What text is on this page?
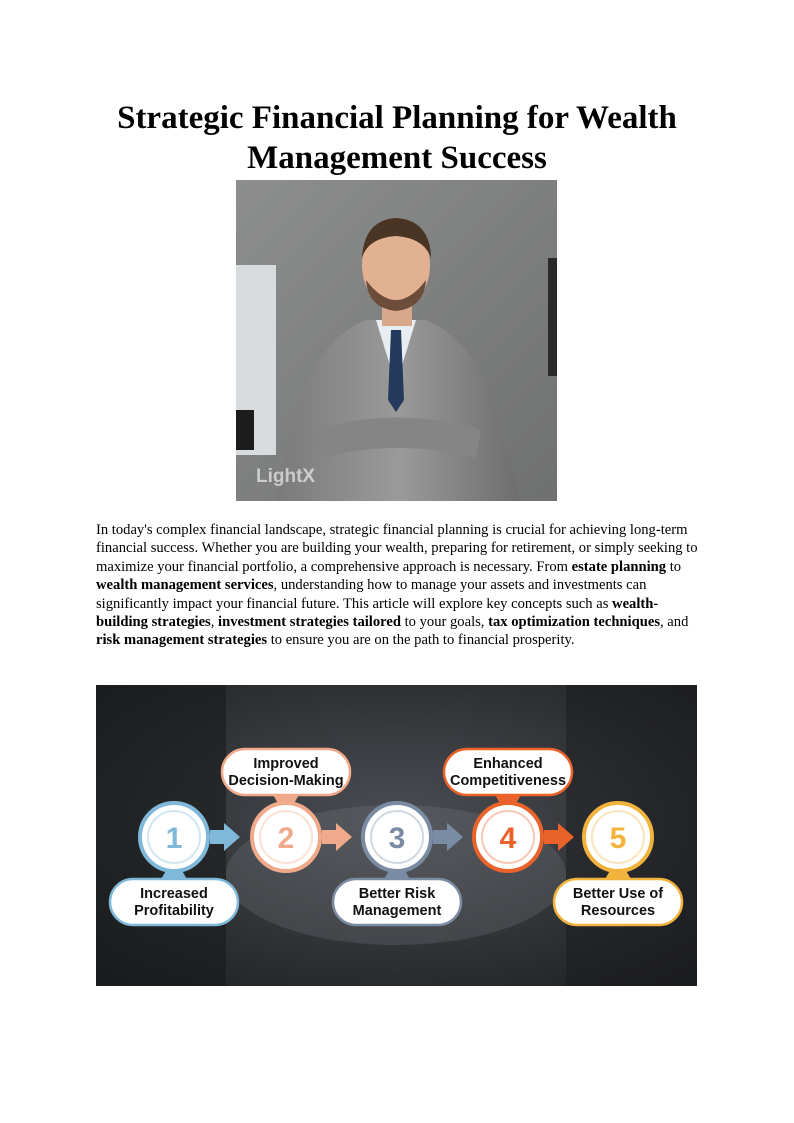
Strategic Financial Planning for Wealth
Management Success
LightX

In today's complex financial landscape, strategic financial planning is crucial for achieving long-term financial success. Whether you are building your wealth, preparing for retirement, or simply seeking to maximize your financial portfolio, a comprehensive approach is necessary. From estate planning to wealth management services, understanding how to manage your assets and investments can significantly impact your financial future. This article will explore key concepts such as wealth-building strategies, investment strategies tailored to your goals, tax optimization techniques, and risk management strategies to ensure you are on the path to financial prosperity.

1
Increased
Profitability
2
Improved
Decision-Making
3
Better Risk
Management
4
Enhanced
Competitiveness
5
Better Use of
Resources
